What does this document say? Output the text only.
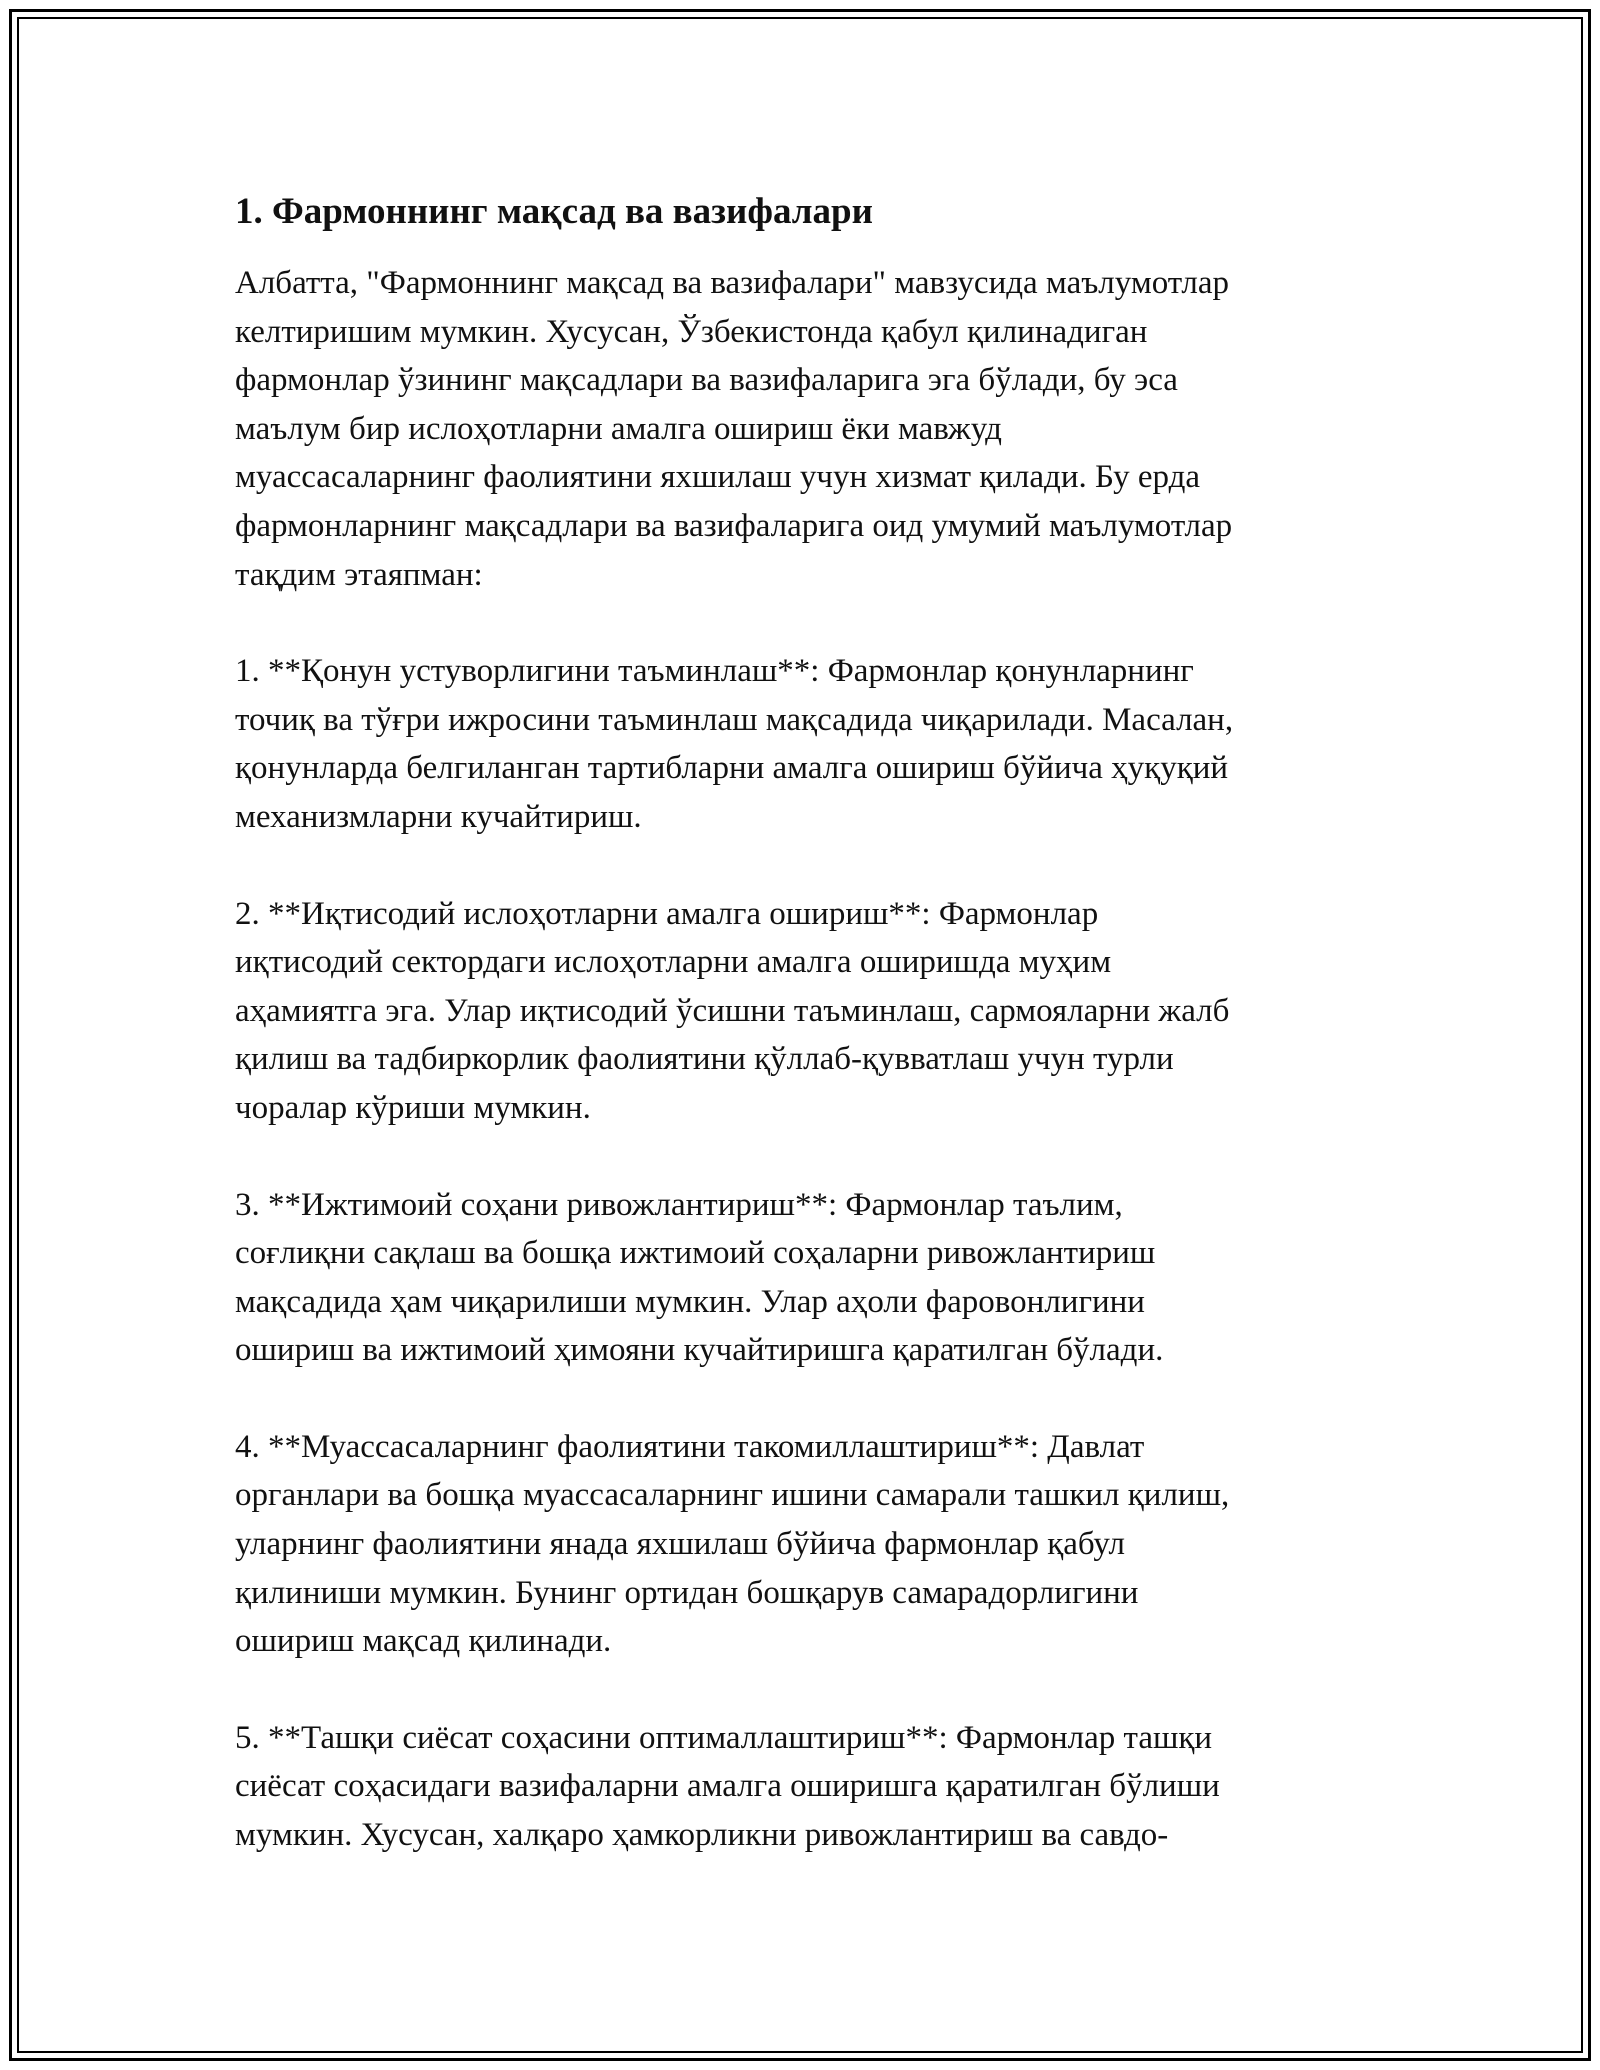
1. Фармоннинг мақсад ва вазифалари

Албатта, "Фармоннинг мақсад ва вазифалари" мавзусида маълумотлар
келтиришим мумкин. Хусусан, Ўзбекистонда қабул қилинадиган
фармонлар ўзининг мақсадлари ва вазифаларига эга бўлади, бу эса
маълум бир ислоҳотларни амалга ошириш ёки мавжуд
муассасаларнинг фаолиятини яхшилаш учун хизмат қилади. Бу ерда
фармонларнинг мақсадлари ва вазифаларига оид умумий маълумотлар
тақдим этаяпман:

1. **Қонун устуворлигини таъминлаш**: Фармонлар қонунларнинг
точиқ ва тўғри ижросини таъминлаш мақсадида чиқарилади. Масалан,
қонунларда белгиланган тартибларни амалга ошириш бўйича ҳуқуқий
механизмларни кучайтириш.

2. **Иқтисодий ислоҳотларни амалга ошириш**: Фармонлар
иқтисодий сектордаги ислоҳотларни амалга оширишда муҳим
аҳамиятга эга. Улар иқтисодий ўсишни таъминлаш, сармояларни жалб
қилиш ва тадбиркорлик фаолиятини қўллаб-қувватлаш учун турли
чоралар кўриши мумкин.

3. **Ижтимоий соҳани ривожлантириш**: Фармонлар таълим,
соғлиқни сақлаш ва бошқа ижтимоий соҳаларни ривожлантириш
мақсадида ҳам чиқарилиши мумкин. Улар аҳоли фаровонлигини
ошириш ва ижтимоий ҳимояни кучайтиришга қаратилган бўлади.

4. **Муассасаларнинг фаолиятини такомиллаштириш**: Давлат
органлари ва бошқа муассасаларнинг ишини самарали ташкил қилиш,
уларнинг фаолиятини янада яхшилаш бўйича фармонлар қабул
қилиниши мумкин. Бунинг ортидан бошқарув самарадорлигини
ошириш мақсад қилинади.

5. **Ташқи сиёсат соҳасини оптималлаштириш**: Фармонлар ташқи
сиёсат соҳасидаги вазифаларни амалга оширишга қаратилган бўлиши
мумкин. Хусусан, халқаро ҳамкорликни ривожлантириш ва савдо-
